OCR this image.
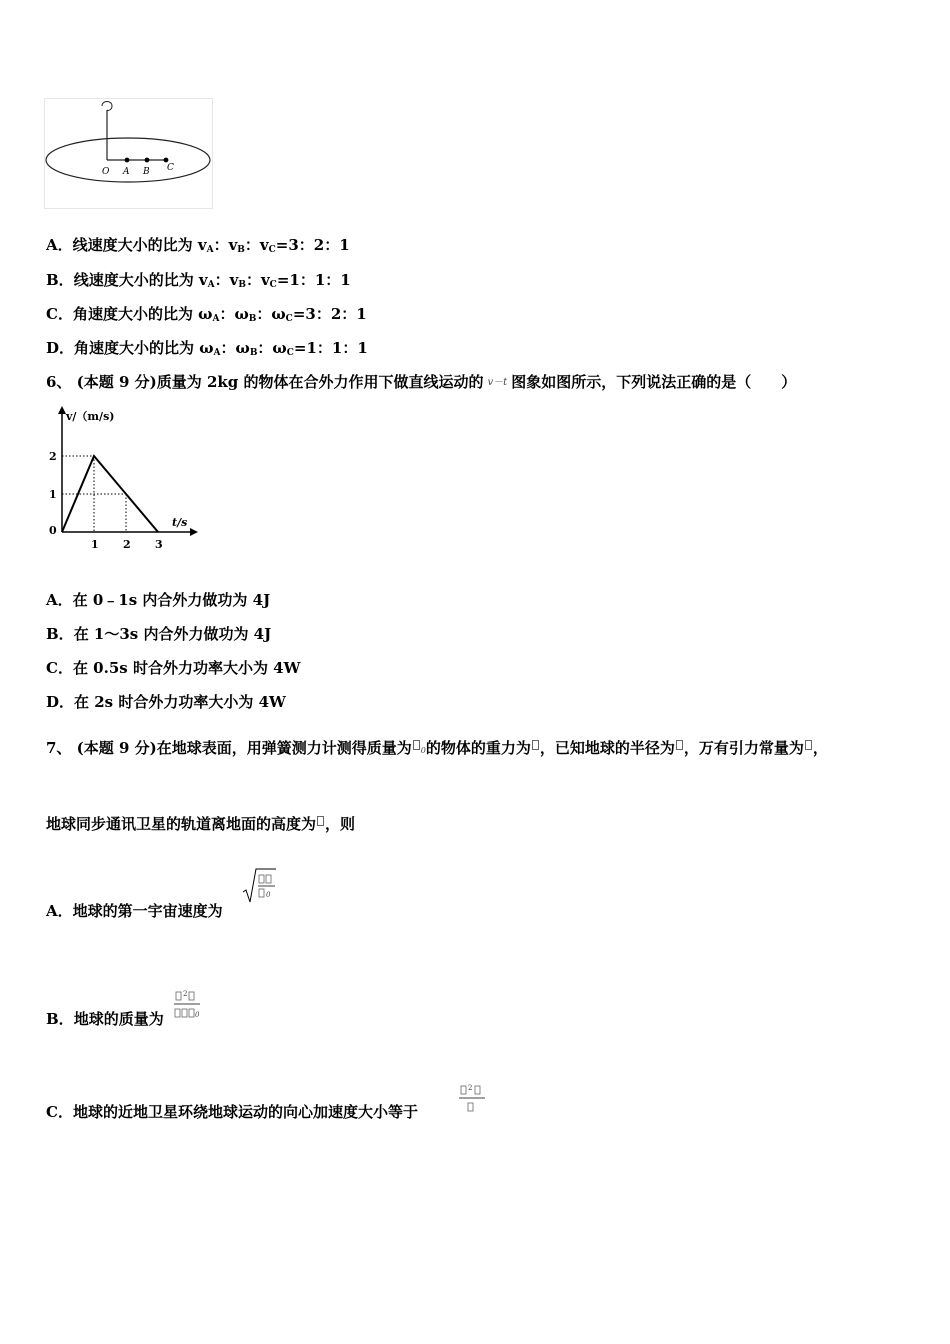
O A B C
A．线速度大小的比为 $v_A$：$v_B$：$v_C=3$：2：1
B．线速度大小的比为 $v_A$：$v_B$：$v_C=1$：1：1
C．角速度大小的比为 $\omega_A$：$\omega_B$：$\omega_C=3$：2：1
D．角速度大小的比为 $\omega_A$：$\omega_B$：$\omega_C=1$：1：1
6、 (本题 9 分)质量为 2kg 的物体在合外力作用下做直线运动的 v－t 图象如图所示，下列说法正确的是（　　）
v/（m/s)
t/s
0
1
2
1 2 3
A．在 0﹣1s 内合外力做功为 4J
B．在 1～3s 内合外力做功为 4J
C．在 0.5s 时合外力功率大小为 4W
D．在 2s 时合外力功率大小为 4W
7、 (本题 9 分)在地球表面，用弹簧测力计测得质量为 0的物体的重力为 ，已知地球的半径为 ，万有引力常量为 ，
地球同步通讯卫星的轨道离地面的高度为 ，则
A．地球的第一宇宙速度为
0
B．地球的质量为
2
0
C．地球的近地卫星环绕地球运动的向心加速度大小等于
2
